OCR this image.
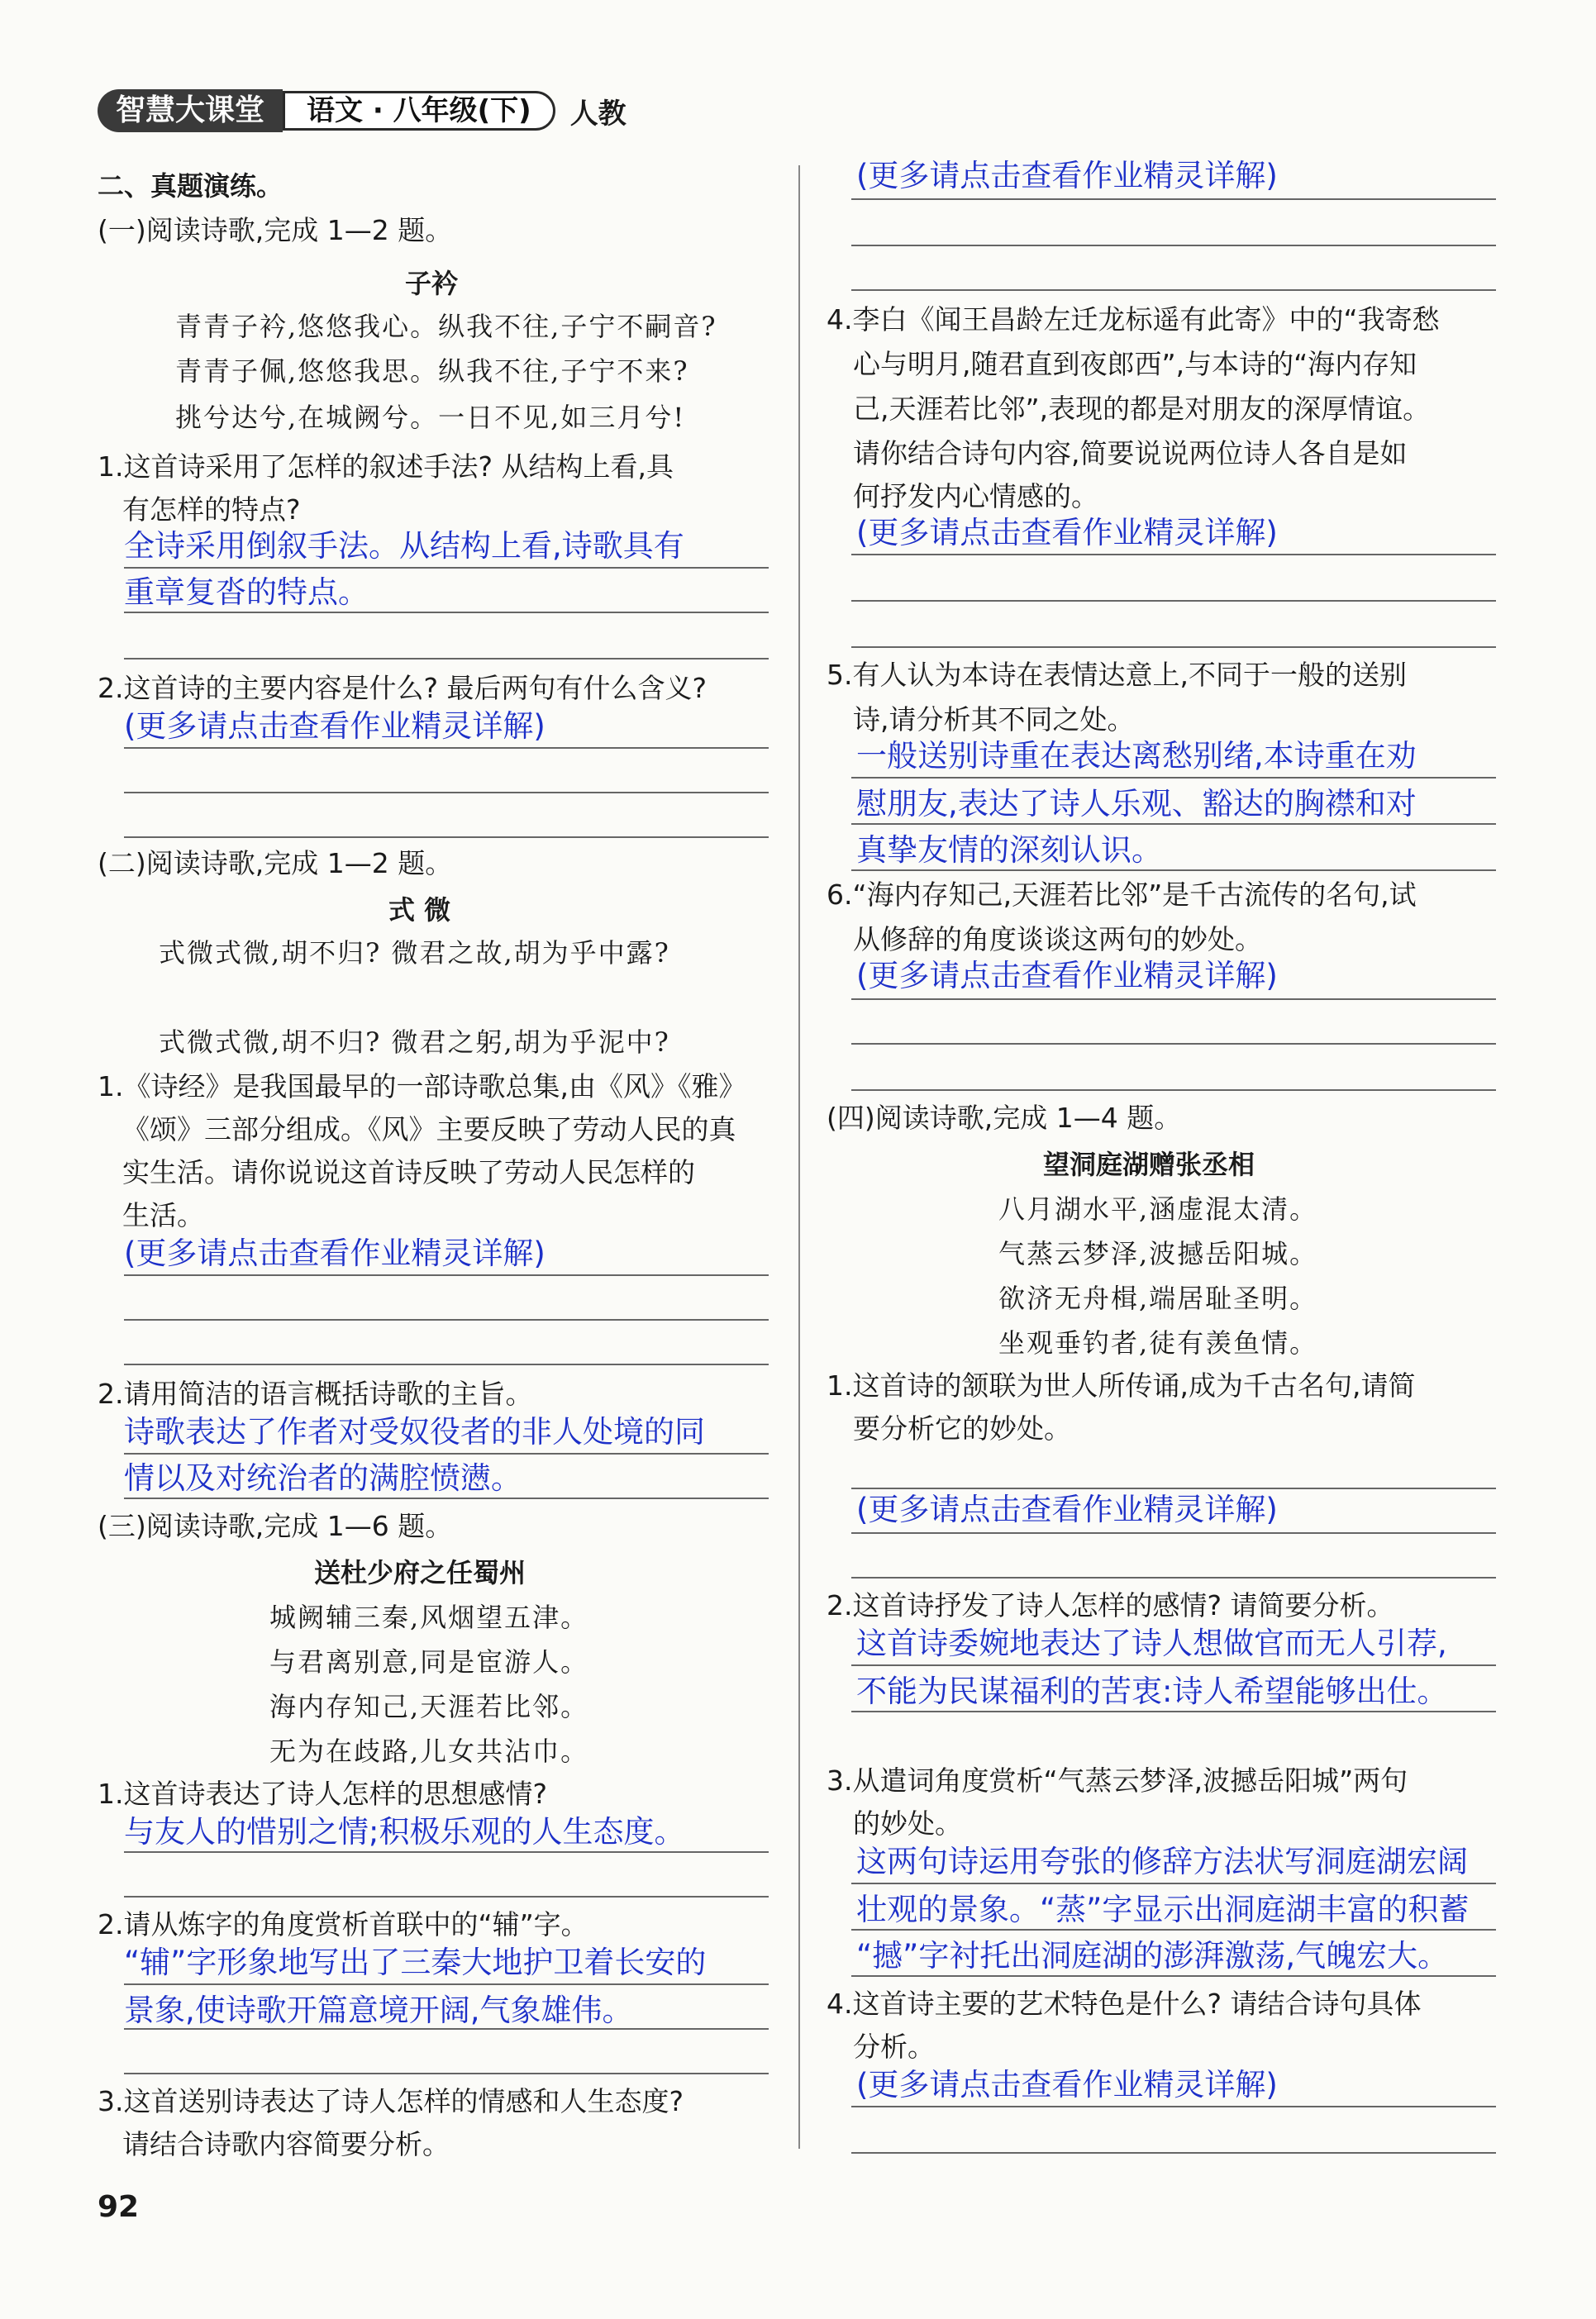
智慧大课堂	语文 · 八年级(下)	人教
二、真题演练。
(一)阅读诗歌,完成 1—2 题。
子衿
青青子衿,悠悠我心。纵我不往,子宁不嗣音?
青青子佩,悠悠我思。纵我不往,子宁不来?
挑兮达兮,在城阙兮。一日不见,如三月兮!
1.这首诗采用了怎样的叙述手法? 从结构上看,具
有怎样的特点?
全诗采用倒叙手法。从结构上看,诗歌具有
重章复沓的特点。
2.这首诗的主要内容是什么? 最后两句有什么含义?
(更多请点击查看作业精灵详解)
(二)阅读诗歌,完成 1—2 题。
式 微
式微式微,胡不归? 微君之故,胡为乎中露?
式微式微,胡不归? 微君之躬,胡为乎泥中?
1.《诗经》是我国最早的一部诗歌总集,由《风》《雅》
《颂》三部分组成。《风》主要反映了劳动人民的真
实生活。请你说说这首诗反映了劳动人民怎样的
生活。
(更多请点击查看作业精灵详解)
2.请用简洁的语言概括诗歌的主旨。
诗歌表达了作者对受奴役者的非人处境的同
情以及对统治者的满腔愤懑。
(三)阅读诗歌,完成 1—6 题。
送杜少府之任蜀州
城阙辅三秦,风烟望五津。
与君离别意,同是宦游人。
海内存知己,天涯若比邻。
无为在歧路,儿女共沾巾。
1.这首诗表达了诗人怎样的思想感情?
与友人的惜别之情;积极乐观的人生态度。
2.请从炼字的角度赏析首联中的“辅”字。
“辅”字形象地写出了三秦大地护卫着长安的
景象,使诗歌开篇意境开阔,气象雄伟。
3.这首送别诗表达了诗人怎样的情感和人生态度?
请结合诗歌内容简要分析。
(更多请点击查看作业精灵详解)
4.李白《闻王昌龄左迁龙标遥有此寄》中的“我寄愁
心与明月,随君直到夜郎西”,与本诗的“海内存知
己,天涯若比邻”,表现的都是对朋友的深厚情谊。
请你结合诗句内容,简要说说两位诗人各自是如
何抒发内心情感的。
(更多请点击查看作业精灵详解)
5.有人认为本诗在表情达意上,不同于一般的送别
诗,请分析其不同之处。
一般送别诗重在表达离愁别绪,本诗重在劝
慰朋友,表达了诗人乐观、豁达的胸襟和对
真挚友情的深刻认识。
6.“海内存知己,天涯若比邻”是千古流传的名句,试
从修辞的角度谈谈这两句的妙处。
(更多请点击查看作业精灵详解)
(四)阅读诗歌,完成 1—4 题。
望洞庭湖赠张丞相
八月湖水平,涵虚混太清。
气蒸云梦泽,波撼岳阳城。
欲济无舟楫,端居耻圣明。
坐观垂钓者,徒有羡鱼情。
1.这首诗的颔联为世人所传诵,成为千古名句,请简
要分析它的妙处。
(更多请点击查看作业精灵详解)
2.这首诗抒发了诗人怎样的感情? 请简要分析。
这首诗委婉地表达了诗人想做官而无人引荐,
不能为民谋福利的苦衷:诗人希望能够出仕。
3.从遣词角度赏析“气蒸云梦泽,波撼岳阳城”两句
的妙处。
这两句诗运用夸张的修辞方法状写洞庭湖宏阔
壮观的景象。“蒸”字显示出洞庭湖丰富的积蓄
“撼”字衬托出洞庭湖的澎湃激荡,气魄宏大。
4.这首诗主要的艺术特色是什么? 请结合诗句具体
分析。
(更多请点击查看作业精灵详解)
92
